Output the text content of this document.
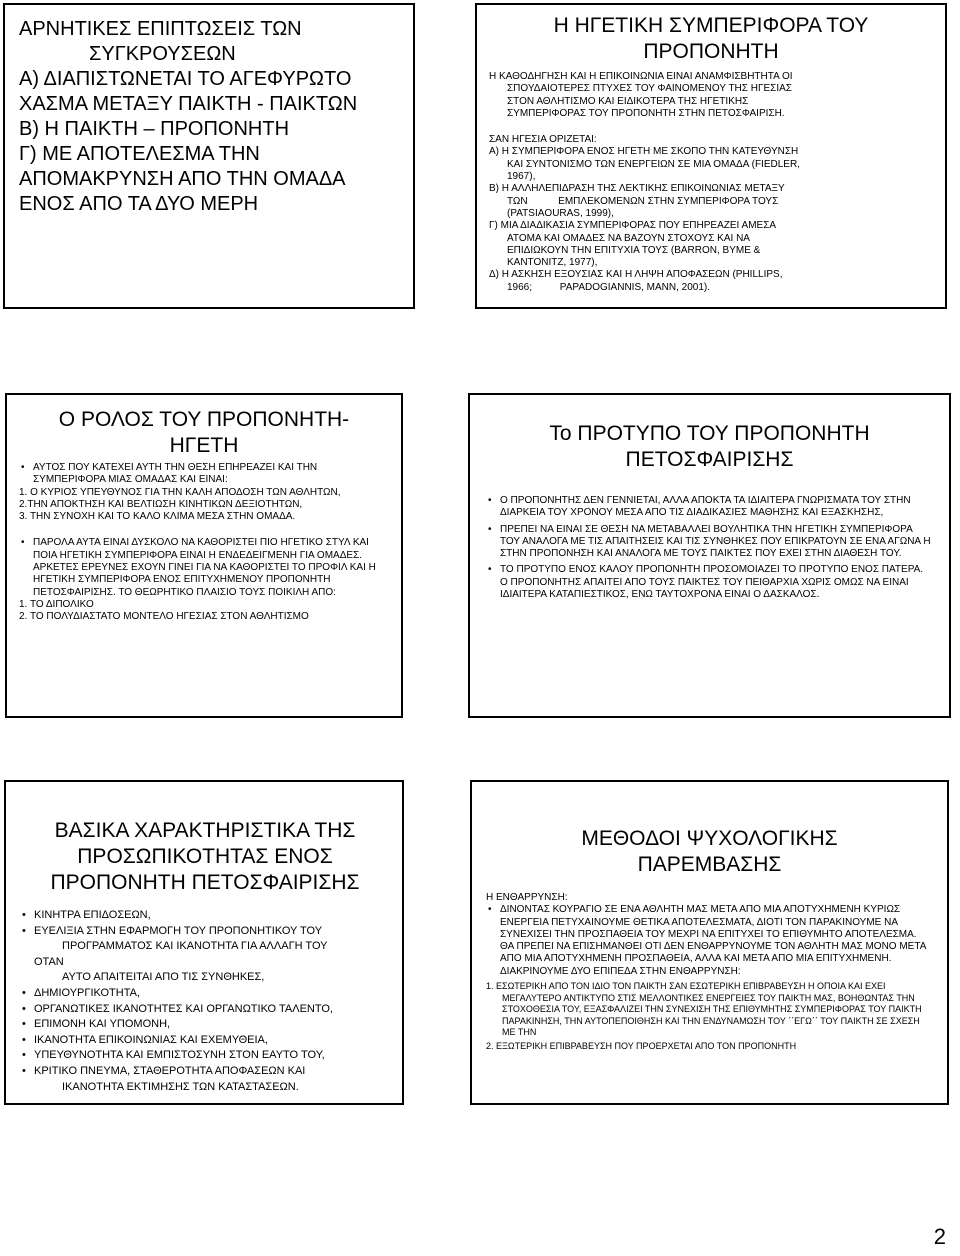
ΑΡΝΗΤΙΚΕΣ ΕΠΙΠΤΩΣΕΙΣ ΤΩΝ
ΣΥΓΚΡΟΥΣΕΩΝ
Α) ΔΙΑΠΙΣΤΩΝΕΤΑΙ ΤΟ ΑΓΕΦΥΡΩΤΟ
ΧΑΣΜΑ ΜΕΤΑΞΥ ΠΑΙΚΤΗ - ΠΑΙΚΤΩΝ
Β) Η ΠΑΙΚΤΗ – ΠΡΟΠΟΝΗΤΗ
Γ) ΜΕ ΑΠΟΤΕΛΕΣΜΑ ΤΗΝ
ΑΠΟΜΑΚΡΥΝΣΗ ΑΠΟ ΤΗΝ ΟΜΑΔΑ
ΕΝΟΣ ΑΠΟ ΤΑ ΔΥΟ ΜΕΡΗ
Η ΗΓΕΤΙΚΗ ΣΥΜΠΕΡΙΦΟΡΑ ΤΟΥ
ΠΡΟΠΟΝΗΤΗ
Η ΚΑΘΟΔΗΓΗΣΗ ΚΑΙ Η ΕΠΙΚΟΙΝΩΝΙΑ ΕΙΝΑΙ ΑΝΑΜΦΙΣΒΗΤΗΤΑ ΟΙ
ΣΠΟΥΔΑΙΟΤΕΡΕΣ ΠΤΥΧΕΣ ΤΟΥ ΦΑΙΝΟΜΕΝΟΥ ΤΗΣ ΗΓΕΣΙΑΣ
ΣΤΟΝ ΑΘΛΗΤΙΣΜΟ ΚΑΙ ΕΙΔΙΚΟΤΕΡΑ ΤΗΣ ΗΓΕΤΙΚΗΣ
ΣΥΜΠΕΡΙΦΟΡΑΣ ΤΟΥ ΠΡΟΠΟΝΗΤΗ ΣΤΗΝ ΠΕΤΟΣΦΑΙΡΙΣΗ.
ΣΑΝ ΗΓΕΣΙΑ ΟΡΙΖΕΤΑΙ:
Α) Η ΣΥΜΠΕΡΙΦΟΡΑ ΕΝΟΣ ΗΓΕΤΗ ΜΕ ΣΚΟΠΟ ΤΗΝ ΚΑΤΕΥΘΥΝΣΗ
ΚΑΙ ΣΥΝΤΟΝΙΣΜΟ ΤΩΝ ΕΝΕΡΓΕΙΩΝ ΣΕ ΜΙΑ ΟΜΑΔΑ (FIEDLER,
1967),
Β) Η ΑΛΛΗΛΕΠΙΔΡΑΣΗ ΤΗΣ ΛΕΚΤΙΚΗΣ ΕΠΙΚΟΙΝΩΝΙΑΣ ΜΕΤΑΞΥ
ΤΩΝ           ΕΜΠΛΕΚΟΜΕΝΩΝ ΣΤΗΝ ΣΥΜΠΕΡΙΦΟΡΑ ΤΟΥΣ
(PATSIAOURAS, 1999),
Γ) ΜΙΑ ΔΙΑΔΙΚΑΣΙΑ ΣΥΜΠΕΡΙΦΟΡΑΣ ΠΟΥ ΕΠΗΡΕΑΖΕΙ ΑΜΕΣΑ
ΑΤΟΜΑ ΚΑΙ ΟΜΑΔΕΣ ΝΑ ΒΑΖΟΥΝ ΣΤΟΧΟΥΣ ΚΑΙ ΝΑ
ΕΠΙΔΙΩΚΟΥΝ ΤΗΝ ΕΠΙΤΥΧΙΑ ΤΟΥΣ (BARRON, BYME &
KANTONITZ, 1977),
Δ) Η ΑΣΚΗΣΗ ΕΞΟΥΣΙΑΣ ΚΑΙ Η ΛΗΨΗ ΑΠΟΦΑΣΕΩΝ (PHILLIPS,
1966;          PAPADOGIANNIS, MANN, 2001).
Ο ΡΟΛΟΣ ΤΟΥ ΠΡΟΠΟΝΗΤΗ-
ΗΓΕΤΗ
• ΑΥΤΟΣ ΠΟΥ ΚΑΤΕΧΕΙ ΑΥΤΗ ΤΗΝ ΘΕΣΗ ΕΠΗΡΕΑΖΕΙ ΚΑΙ ΤΗΝ ΣΥΜΠΕΡΙΦΟΡΑ ΜΙΑΣ ΟΜΑΔΑΣ ΚΑΙ ΕΙΝΑΙ:
1. Ο ΚΥΡΙΟΣ ΥΠΕΥΘΥΝΟΣ ΓΙΑ ΤΗΝ ΚΑΛΗ ΑΠΟΔΟΣΗ ΤΩΝ ΑΘΛΗΤΩΝ,
2.ΤΗΝ ΑΠΟΚΤΗΣΗ ΚΑΙ ΒΕΛΤΙΩΣΗ ΚΙΝΗΤΙΚΩΝ ΔΕΞΙΟΤΗΤΩΝ,
3. ΤΗΝ ΣΥΝΟΧΗ ΚΑΙ ΤΟ ΚΑΛΟ ΚΛΙΜΑ ΜΕΣΑ ΣΤΗΝ ΟΜΑΔΑ.
• ΠΑΡΟΛΑ ΑΥΤΑ ΕΙΝΑΙ ΔΥΣΚΟΛΟ ΝΑ ΚΑΘΟΡΙΣΤΕΙ ΠΙΟ ΗΓΕΤΙΚΟ ΣΤΥΛ ΚΑΙ ΠΟΙΑ ΗΓΕΤΙΚΗ ΣΥΜΠΕΡΙΦΟΡΑ ΕΙΝΑΙ Η ΕΝΔΕΔΕΙΓΜΕΝΗ ΓΙΑ ΟΜΑΔΕΣ. ΑΡΚΕΤΕΣ ΕΡΕΥΝΕΣ ΕΧΟΥΝ ΓΙΝΕΙ ΓΙΑ ΝΑ ΚΑΘΟΡΙΣΤΕΙ ΤΟ ΠΡΟΦΙΛ ΚΑΙ Η ΗΓΕΤΙΚΗ ΣΥΜΠΕΡΙΦΟΡΑ ΕΝΟΣ ΕΠΙΤΥΧΗΜΕΝΟΥ ΠΡΟΠΟΝΗΤΗ ΠΕΤΟΣΦΑΙΡΙΣΗΣ. ΤΟ ΘΕΩΡΗΤΙΚΟ ΠΛΑΙΣΙΟ ΤΟΥΣ ΠΟΙΚΙΛΗ ΑΠΟ:
1. ΤΟ ΔΙΠΟΛΙΚΟ
2. ΤΟ ΠΟΛΥΔΙΑΣΤΑΤΟ ΜΟΝΤΕΛΟ ΗΓΕΣΙΑΣ ΣΤΟΝ ΑΘΛΗΤΙΣΜΟ
Το ΠΡΟΤΥΠΟ ΤΟΥ ΠΡΟΠΟΝΗΤΗ
ΠΕΤΟΣΦΑΙΡΙΣΗΣ
• Ο ΠΡΟΠΟΝΗΤΗΣ ΔΕΝ ΓΕΝΝΙΕΤΑΙ, ΑΛΛΑ ΑΠΟΚΤΑ ΤΑ ΙΔΙΑΙΤΕΡΑ ΓΝΩΡΙΣΜΑΤΑ ΤΟΥ ΣΤΗΝ ΔΙΑΡΚΕΙΑ ΤΟΥ ΧΡΟΝΟΥ ΜΕΣΑ ΑΠΟ ΤΙΣ ΔΙΑΔΙΚΑΣΙΕΣ ΜΑΘΗΣΗΣ ΚΑΙ ΕΞΑΣΚΗΣΗΣ,
• ΠΡΕΠΕΙ ΝΑ ΕΙΝΑΙ ΣΕ ΘΕΣΗ ΝΑ ΜΕΤΑΒΑΛΛΕΙ ΒΟΥΛΗΤΙΚΑ ΤΗΝ ΗΓΕΤΙΚΗ ΣΥΜΠΕΡΙΦΟΡΑ ΤΟΥ ΑΝΑΛΟΓΑ ΜΕ ΤΙΣ ΑΠΑΙΤΗΣΕΙΣ ΚΑΙ ΤΙΣ ΣΥΝΘΗΚΕΣ ΠΟΥ ΕΠΙΚΡΑΤΟΥΝ ΣΕ ΕΝΑ ΑΓΩΝΑ Η ΣΤΗΝ ΠΡΟΠΟΝΗΣΗ ΚΑΙ ΑΝΑΛΟΓΑ ΜΕ ΤΟΥΣ ΠΑΙΚΤΕΣ ΠΟΥ ΕΧΕΙ ΣΤΗΝ ΔΙΑΘΕΣΗ ΤΟΥ.
• ΤΟ ΠΡΟΤΥΠΟ ΕΝΟΣ ΚΑΛΟΥ ΠΡΟΠΟΝΗΤΗ ΠΡΟΣΟΜΟΙΑΖΕΙ ΤΟ ΠΡΟΤΥΠΟ ΕΝΟΣ ΠΑΤΕΡΑ. Ο ΠΡΟΠΟΝΗΤΗΣ ΑΠΑΙΤΕΙ ΑΠΟ ΤΟΥΣ ΠΑΙΚΤΕΣ ΤΟΥ ΠΕΙΘΑΡΧΙΑ ΧΩΡΙΣ ΟΜΩΣ ΝΑ ΕΙΝΑΙ ΙΔΙΑΙΤΕΡΑ ΚΑΤΑΠΙΕΣΤΙΚΟΣ, ΕΝΩ ΤΑΥΤΟΧΡΟΝΑ ΕΙΝΑΙ Ο ΔΑΣΚΑΛΟΣ.
ΒΑΣΙΚΑ ΧΑΡΑΚΤΗΡΙΣΤΙΚΑ ΤΗΣ
ΠΡΟΣΩΠΙΚΟΤΗΤΑΣ ΕΝΟΣ
ΠΡΟΠΟΝΗΤΗ ΠΕΤΟΣΦΑΙΡΙΣΗΣ
• ΚΙΝΗΤΡΑ ΕΠΙΔΟΣΕΩΝ,
• ΕΥΕΛΙΞΙΑ ΣΤΗΝ ΕΦΑΡΜΟΓΗ ΤΟΥ ΠΡΟΠΟΝΗΤΙΚΟΥ ΤΟΥ
ΠΡΟΓΡΑΜΜΑΤΟΣ ΚΑΙ ΙΚΑΝΟΤΗΤΑ ΓΙΑ ΑΛΛΑΓΗ ΤΟΥ
ΟΤΑΝ
ΑΥΤΟ ΑΠΑΙΤΕΙΤΑΙ ΑΠΟ ΤΙΣ ΣΥΝΘΗΚΕΣ,
• ΔΗΜΙΟΥΡΓΙΚΟΤΗΤΑ,
• ΟΡΓΑΝΩΤΙΚΕΣ ΙΚΑΝΟΤΗΤΕΣ ΚΑΙ ΟΡΓΑΝΩΤΙΚΟ ΤΑΛΕΝΤΟ,
• ΕΠΙΜΟΝΗ ΚΑΙ ΥΠΟΜΟΝΗ,
• ΙΚΑΝΟΤΗΤΑ ΕΠΙΚΟΙΝΩΝΙΑΣ ΚΑΙ ΕΧΕΜΥΘΕΙΑ,
• ΥΠΕΥΘΥΝΟΤΗΤΑ ΚΑΙ ΕΜΠΙΣΤΟΣΥΝΗ ΣΤΟΝ ΕΑΥΤΟ ΤΟΥ,
• ΚΡΙΤΙΚΟ ΠΝΕΥΜΑ, ΣΤΑΘΕΡΟΤΗΤΑ ΑΠΟΦΑΣΕΩΝ ΚΑΙ
ΙΚΑΝΟΤΗΤΑ ΕΚΤΙΜΗΣΗΣ ΤΩΝ ΚΑΤΑΣΤΑΣΕΩΝ.
ΜΕΘΟΔΟΙ ΨΥΧΟΛΟΓΙΚΗΣ
ΠΑΡΕΜΒΑΣΗΣ
Η ΕΝΘΑΡΡΥΝΣΗ:
• ΔΙΝΟΝΤΑΣ ΚΟΥΡΑΓΙΟ ΣΕ ΕΝΑ ΑΘΛΗΤΗ ΜΑΣ ΜΕΤΑ ΑΠΟ ΜΙΑ ΑΠΟΤΥΧΗΜΕΝΗ ΚΥΡΙΩΣ ΕΝΕΡΓΕΙΑ ΠΕΤΥΧΑΙΝΟΥΜΕ ΘΕΤΙΚΑ ΑΠΟΤΕΛΕΣΜΑΤΑ, ΔΙΟΤΙ ΤΟΝ ΠΑΡΑΚΙΝΟΥΜΕ ΝΑ ΣΥΝΕΧΙΣΕΙ ΤΗΝ ΠΡΟΣΠΑΘΕΙΑ ΤΟΥ ΜΕΧΡΙ ΝΑ ΕΠΙΤΥΧΕΙ ΤΟ ΕΠΙΘΥΜΗΤΟ ΑΠΟΤΕΛΕΣΜΑ. ΘΑ ΠΡΕΠΕΙ ΝΑ ΕΠΙΣΗΜΑΝΘΕΙ ΟΤΙ ΔΕΝ ΕΝΘΑΡΡΥΝΟΥΜΕ ΤΟΝ ΑΘΛΗΤΗ ΜΑΣ ΜΟΝΟ ΜΕΤΑ ΑΠΟ ΜΙΑ ΑΠΟΤΥΧΗΜΕΝΗ ΠΡΟΣΠΑΘΕΙΑ, ΑΛΛΑ ΚΑΙ ΜΕΤΑ ΑΠΟ ΜΙΑ ΕΠΙΤΥΧΗΜΕΝΗ. ΔΙΑΚΡΙΝΟΥΜΕ ΔΥΟ ΕΠΙΠΕΔΑ ΣΤΗΝ ΕΝΘΑΡΡΥΝΣΗ:
1. ΕΣΩΤΕΡΙΚΗ ΑΠΟ ΤΟΝ ΙΔΙΟ ΤΟΝ ΠΑΙΚΤΗ ΣΑΝ ΕΣΩΤΕΡΙΚΗ ΕΠΙΒΡΑΒΕΥΣΗ Η ΟΠΟΙΑ ΚΑΙ ΕΧΕΙ ΜΕΓΑΛΥΤΕΡΟ ΑΝΤΙΚΤΥΠΟ ΣΤΙΣ ΜΕΛΛΟΝΤΙΚΕΣ ΕΝΕΡΓΕΙΕΣ ΤΟΥ ΠΑΙΚΤΗ ΜΑΣ, ΒΟΗΘΩΝΤΑΣ ΤΗΝ ΣΤΟΧΟΘΕΣΙΑ ΤΟΥ, ΕΞΑΣΦΑΛΙΖΕΙ ΤΗΝ ΣΥΝΕΧΙΣΗ ΤΗΣ ΕΠΙΘΥΜΗΤΗΣ ΣΥΜΠΕΡΙΦΟΡΑΣ ΤΟΥ ΠΑΙΚΤΗ ΠΑΡΑΚΙΝΗΣΗ, ΤΗΝ ΑΥΤΟΠΕΠΟΙΘΗΣΗ ΚΑΙ ΤΗΝ ΕΝΔΥΝΑΜΩΣΗ ΤΟΥ ΄΄ΕΓΩ΄΄ ΤΟΥ ΠΑΙΚΤΗ ΣΕ ΣΧΕΣΗ ΜΕ ΤΗΝ
2. ΕΞΩΤΕΡΙΚΗ ΕΠΙΒΡΑΒΕΥΣΗ ΠΟΥ ΠΡΟΕΡΧΕΤΑΙ ΑΠΟ ΤΟΝ ΠΡΟΠΟΝΗΤΗ
2
